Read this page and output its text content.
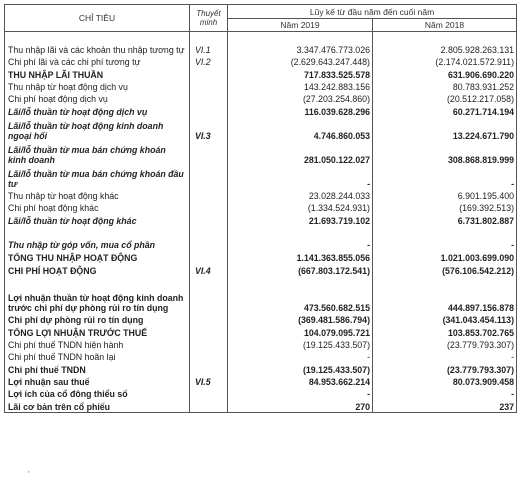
CHỈ TIÊU	Thuyết minh	Lũy kế từ đầu năm đến cuối năm	
		Năm 2019	Năm 2018
Thu nhập lãi và các khoản thu nhập tương tự	VI.1	3.347.476.773.026	2.805.928.263.131
Chi phí lãi và các chi phí tương tự	VI.2	(2.629.643.247.448)	(2.174.021.572.911)
THU NHẬP LÃI THUẦN		717.833.525.578	631.906.690.220
Thu nhập từ hoạt động dịch vụ		143.242.883.156	80.783.931.252
Chi phí hoạt động dịch vụ		(27.203.254.860)	(20.512.217.058)
Lãi/lỗ thuần từ hoạt động dịch vụ		116.039.628.296	60.271.714.194
Lãi/lỗ thuần từ hoạt động kinh doanh ngoại hối	VI.3	4.746.860.053	13.224.671.790
Lãi/lỗ thuần từ mua bán chứng khoán kinh doanh		281.050.122.027	308.868.819.999
Lãi/lỗ thuần từ mua bán chứng khoán đầu tư		-	-
Thu nhập từ hoạt động khác		23.028.244.033	6.901.195.400
Chi phí hoạt động khác		(1.334.524.931)	(169.392.513)
Lãi/lỗ thuần từ hoạt động khác		21.693.719.102	6.731.802.887
Thu nhập từ góp vốn, mua cổ phần		-	-
TỔNG THU NHẬP HOẠT ĐỘNG		1.141.363.855.056	1.021.003.699.090
CHI PHÍ HOẠT ĐỘNG	VI.4	(667.803.172.541)	(576.106.542.212)
Lợi nhuận thuần từ hoạt động kinh doanh trước chi phí dự phòng rủi ro tín dụng		473.560.682.515	444.897.156.878
Chi phí dự phòng rủi ro tín dụng		(369.481.586.794)	(341.043.454.113)
TỔNG LỢI NHUẬN TRƯỚC THUẾ		104.079.095.721	103.853.702.765
Chi phí thuế TNDN hiện hành		(19.125.433.507)	(23.779.793.307)
Chi phí thuế TNDN hoãn lại		-	-
Chi phí thuế TNDN		(19.125.433.507)	(23.779.793.307)
Lợi nhuận sau thuế	VI.5	84.953.662.214	80.073.909.458
Lợi ích của cổ đông thiểu số		-	-
Lãi cơ bản trên cổ phiếu		270	237
'
